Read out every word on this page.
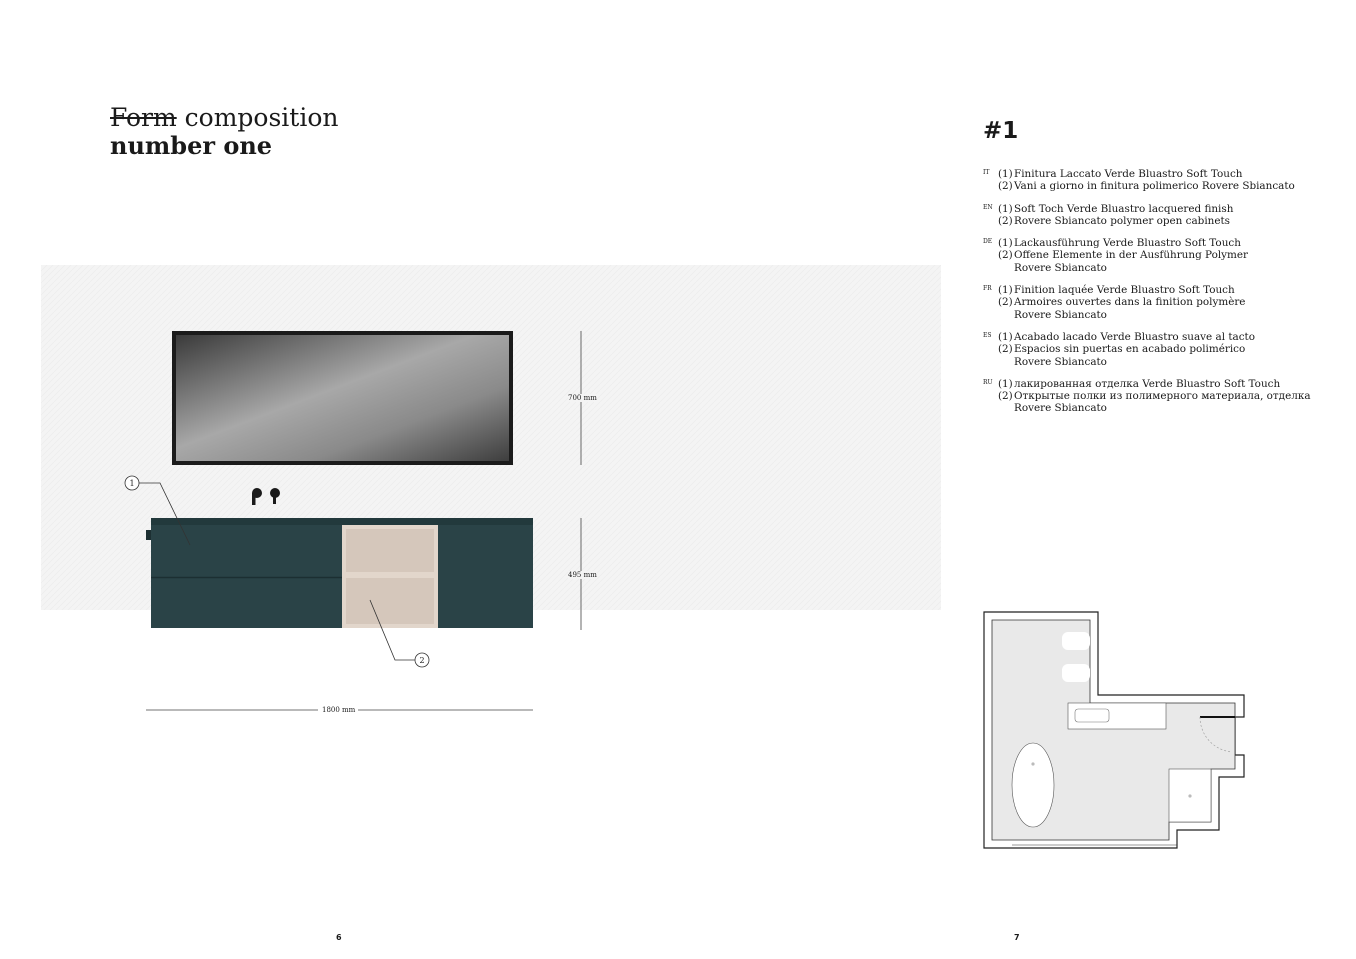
Form composition
number one
1
2
700 mm
495 mm
1800 mm
#1
IT (1) Finitura Laccato Verde Bluastro Soft Touch
(2) Vani a giorno in finitura polimerico Rovere Sbiancato
EN (1) Soft Toch Verde Bluastro lacquered finish
(2) Rovere Sbiancato polymer open cabinets
DE (1) Lackausführung Verde Bluastro Soft Touch
(2) Offene Elemente in der Ausführung Polymer
Rovere Sbiancato
FR (1) Finition laquée Verde Bluastro Soft Touch
(2) Armoires ouvertes dans la finition polymère
Rovere Sbiancato
ES (1) Acabado lacado Verde Bluastro suave al tacto
(2) Espacios sin puertas en acabado polimérico
Rovere Sbiancato
RU (1) лакированная отделка Verde Bluastro Soft Touch
(2) Открытые полки из полимерного материала, отделка
Rovere Sbiancato
6	7
